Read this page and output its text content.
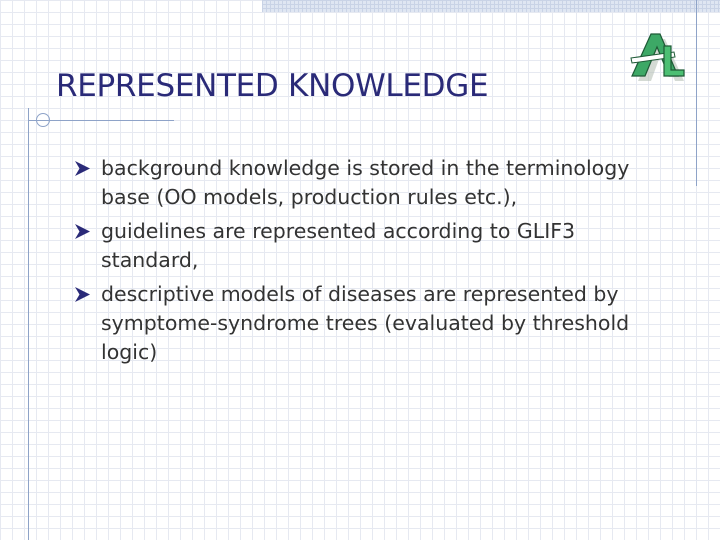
REPRESENTED KNOWLEDGE
background knowledge is stored in the terminology base (OO models, production rules etc.),
guidelines are represented according to GLIF3 standard,
descriptive models of diseases are represented by symptome-syndrome trees (evaluated by threshold logic)
